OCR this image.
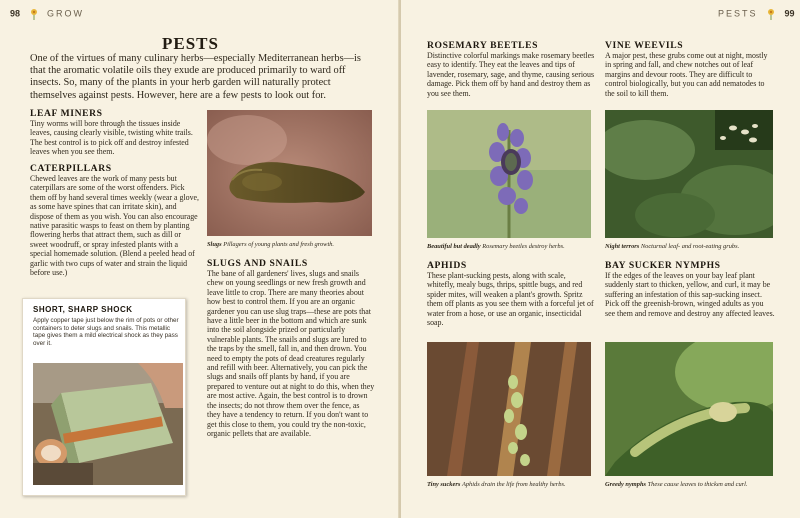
98	GROW
PESTS
One of the virtues of many culinary herbs—especially Mediterranean herbs—is that the aromatic volatile oils they exude are produced primarily to ward off insects. So, many of the plants in your herb garden will naturally protect themselves against pests. However, here are a few pests to look out for.
LEAF MINERS
Tiny worms will bore through the tissues inside leaves, causing clearly visible, twisting white trails. The best control is to pick off and destroy infested leaves when you see them.
CATERPILLARS
Chewed leaves are the work of many pests but caterpillars are some of the worst offenders. Pick them off by hand several times weekly (wear a glove, as some have spines that can irritate skin), and dispose of them as you wish. You can also encourage native parasitic wasps to feast on them by planting flowering herbs that attract them, such as dill or sweet woodruff, or spray infested plants with a special homemade solution. (Blend a peeled head of garlic with two cups of water and strain the liquid before use.)
Slugs Pillagers of young plants and fresh growth.
SLUGS AND SNAILS
The bane of all gardeners' lives, slugs and snails chew on young seedlings or new fresh growth and leave little to crop. There are many theories about how best to control them. If you are an organic gardener you can use slug traps—these are pots that have a little beer in the bottom and which are sunk into the soil alongside prized or particularly vulnerable plants. The snails and slugs are lured to the traps by the smell, fall in, and then drown. You need to empty the pots of dead creatures regularly and refill with beer. Alternatively, you can pick the slugs and snails off plants by hand, if you are prepared to venture out at night to do this, when they are most active. Again, the best control is to drown the insects; do not throw them over the fence, as they have a tendency to return. If you don't want to get this close to them, you could try the non-toxic, organic pellets that are available.
SHORT, SHARP SHOCK
Apply copper tape just below the rim of pots or other containers to deter slugs and snails. This metallic tape gives them a mild electrical shock as they pass over it.
PESTS	99
ROSEMARY BEETLES
Distinctive colorful markings make rosemary beetles easy to identify. They eat the leaves and tips of lavender, rosemary, sage, and thyme, causing serious damage. Pick them off by hand and destroy them as you see them.
VINE WEEVILS
A major pest, these grubs come out at night, mostly in spring and fall, and chew notches out of leaf margins and devour roots. They are difficult to control biologically, but you can add nematodes to the soil to kill them.
Beautiful but deadly Rosemary beetles destroy herbs.	Night terrors Nocturnal leaf- and root-eating grubs.
APHIDS
These plant-sucking pests, along with scale, whitefly, mealy bugs, thrips, spittle bugs, and red spider mites, will weaken a plant's growth. Spritz them off plants as you see them with a forceful jet of water from a hose, or use an organic, insecticidal soap.
BAY SUCKER NYMPHS
If the edges of the leaves on your bay leaf plant suddenly start to thicken, yellow, and curl, it may be suffering an infestation of this sap-sucking insect. Pick off the greenish-brown, winged adults as you see them and remove and destroy any affected leaves.
Tiny suckers Aphids drain the life from healthy herbs.	Greedy nymphs These cause leaves to thicken and curl.
